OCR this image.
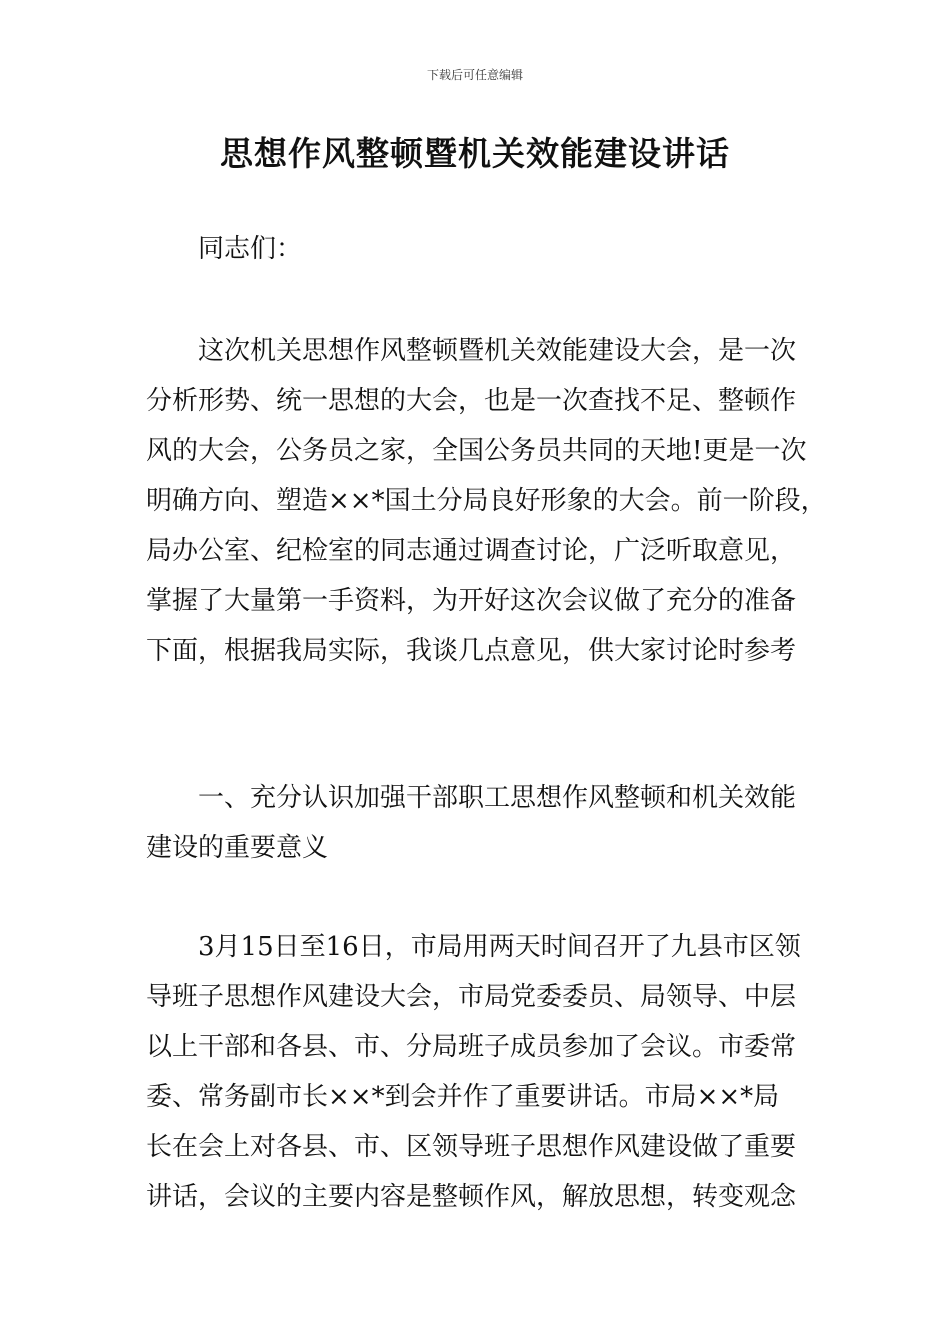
下载后可任意编辑
思想作风整顿暨机关效能建设讲话
同志们：
这次机关思想作风整顿暨机关效能建设大会，是一次
分析形势、统一思想的大会，也是一次查找不足、整顿作
风的大会，公务员之家，全国公务员共同的天地!更是一次
明确方向、塑造××*国土分局良好形象的大会。前一阶段，
局办公室、纪检室的同志通过调查讨论，广泛听取意见，
掌握了大量第一手资料，为开好这次会议做了充分的准备
下面，根据我局实际，我谈几点意见，供大家讨论时参考
一、充分认识加强干部职工思想作风整顿和机关效能
建设的重要意义
3月15日至16日，市局用两天时间召开了九县市区领
导班子思想作风建设大会，市局党委委员、局领导、中层
以上干部和各县、市、分局班子成员参加了会议。市委常
委、常务副市长××*到会并作了重要讲话。市局××*局
长在会上对各县、市、区领导班子思想作风建设做了重要
讲话，会议的主要内容是整顿作风，解放思想，转变观念
